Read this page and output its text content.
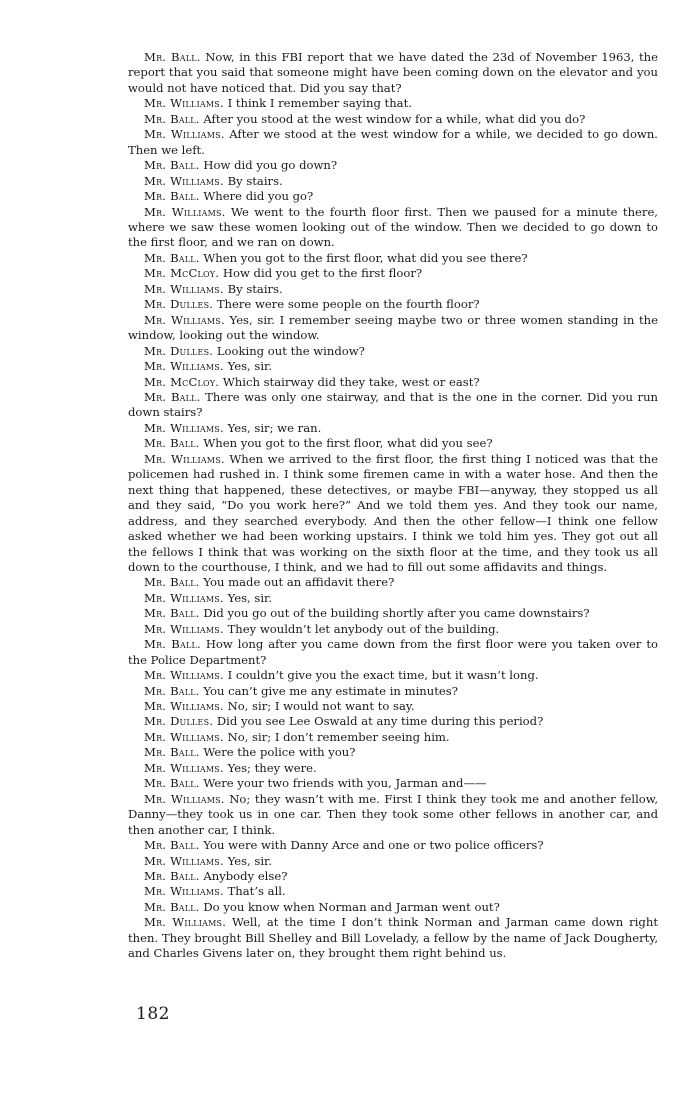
Mr. Ball. Now, in this FBI report that we have dated the 23d of November 1963, the report that you said that someone might have been coming down on the elevator and you would not have noticed that. Did you say that?

Mr. Williams. I think I remember saying that.

Mr. Ball. After you stood at the west window for a while, what did you do?

Mr. Williams. After we stood at the west window for a while, we decided to go down. Then we left.

Mr. Ball. How did you go down?

Mr. Williams. By stairs.

Mr. Ball. Where did you go?

Mr. Williams. We went to the fourth floor first. Then we paused for a minute there, where we saw these women looking out of the window. Then we decided to go down to the first floor, and we ran on down.

Mr. Ball. When you got to the first floor, what did you see there?

Mr. McCloy. How did you get to the first floor?

Mr. Williams. By stairs.

Mr. Dulles. There were some people on the fourth floor?

Mr. Williams. Yes, sir. I remember seeing maybe two or three women standing in the window, looking out the window.

Mr. Dulles. Looking out the window?

Mr. Williams. Yes, sir.

Mr. McCloy. Which stairway did they take, west or east?

Mr. Ball. There was only one stairway, and that is the one in the corner. Did you run down stairs?

Mr. Williams. Yes, sir; we ran.

Mr. Ball. When you got to the first floor, what did you see?

Mr. Williams. When we arrived to the first floor, the first thing I noticed was that the policemen had rushed in. I think some firemen came in with a water hose. And then the next thing that happened, these detectives, or maybe FBI—anyway, they stopped us all and they said, “Do you work here?” And we told them yes. And they took our name, address, and they searched everybody. And then the other fellow—I think one fellow asked whether we had been working upstairs. I think we told him yes. They got out all the fellows I think that was working on the sixth floor at the time, and they took us all down to the courthouse, I think, and we had to fill out some affidavits and things.

Mr. Ball. You made out an affidavit there?

Mr. Williams. Yes, sir.

Mr. Ball. Did you go out of the building shortly after you came downstairs?

Mr. Williams. They wouldn’t let anybody out of the building.

Mr. Ball. How long after you came down from the first floor were you taken over to the Police Department?

Mr. Williams. I couldn’t give you the exact time, but it wasn’t long.

Mr. Ball. You can’t give me any estimate in minutes?

Mr. Williams. No, sir; I would not want to say.

Mr. Dulles. Did you see Lee Oswald at any time during this period?

Mr. Williams. No, sir; I don’t remember seeing him.

Mr. Ball. Were the police with you?

Mr. Williams. Yes; they were.

Mr. Ball. Were your two friends with you, Jarman and——

Mr. Williams. No; they wasn’t with me. First I think they took me and another fellow, Danny—they took us in one car. Then they took some other fellows in another car, and then another car, I think.

Mr. Ball. You were with Danny Arce and one or two police officers?

Mr. Williams. Yes, sir.

Mr. Ball. Anybody else?

Mr. Williams. That’s all.

Mr. Ball. Do you know when Norman and Jarman went out?

Mr. Williams. Well, at the time I don’t think Norman and Jarman came down right then. They brought Bill Shelley and Bill Lovelady, a fellow by the name of Jack Dougherty, and Charles Givens later on, they brought them right behind us.

182
